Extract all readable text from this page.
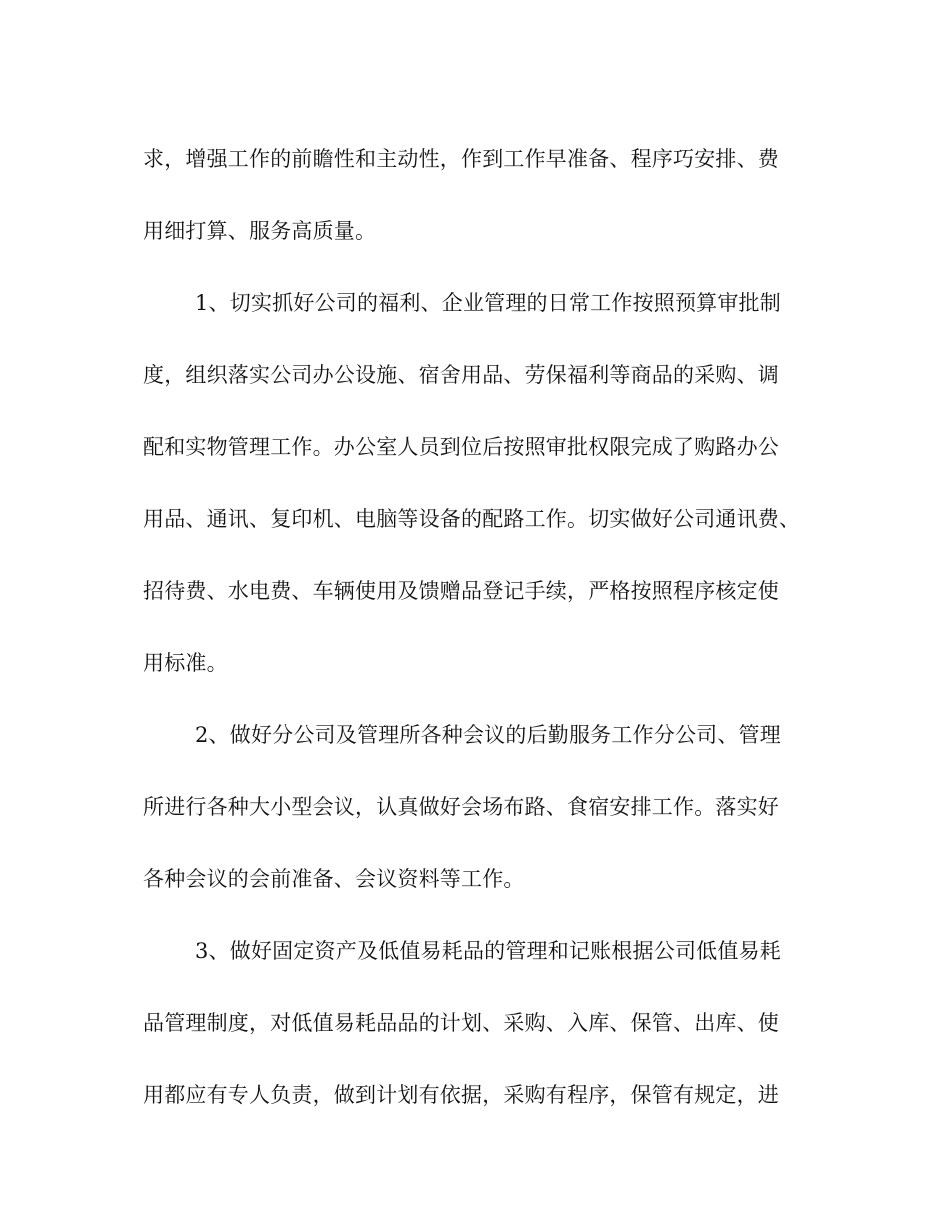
求，增强工作的前瞻性和主动性，作到工作早准备、程序巧安排、费
用细打算、服务高质量。
1、切实抓好公司的福利、企业管理的日常工作按照预算审批制
度，组织落实公司办公设施、宿舍用品、劳保福利等商品的采购、调
配和实物管理工作。办公室人员到位后按照审批权限完成了购路办公
用品、通讯、复印机、电脑等设备的配路工作。切实做好公司通讯费、
招待费、水电费、车辆使用及馈赠品登记手续，严格按照程序核定使
用标准。
2、做好分公司及管理所各种会议的后勤服务工作分公司、管理
所进行各种大小型会议，认真做好会场布路、食宿安排工作。落实好
各种会议的会前准备、会议资料等工作。
3、做好固定资产及低值易耗品的管理和记账根据公司低值易耗
品管理制度，对低值易耗品品的计划、采购、入库、保管、出库、使
用都应有专人负责，做到计划有依据，采购有程序，保管有规定，进
